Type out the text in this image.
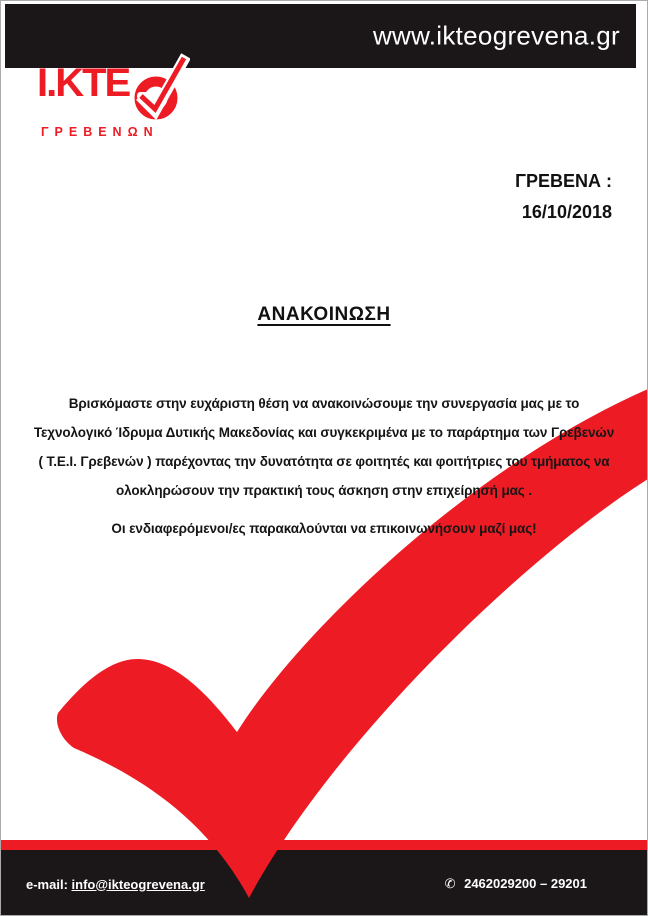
www.ikteogrevena.gr
Ι.ΚΤΕ
ΓΡΕΒΕΝΩΝ
ΓΡΕΒΕΝΑ :
16/10/2018
ΑΝΑΚΟΙΝΩΣΗ
Βρισκόμαστε στην ευχάριστη θέση να ανακοινώσουμε την συνεργασία μας με το
Τεχνολογικό Ίδρυμα Δυτικής Μακεδονίας και συγκεκριμένα με το παράρτημα των Γρεβενών
( Τ.Ε.Ι. Γρεβενών ) παρέχοντας την δυνατότητα σε φοιτητές και φοιτήτριες του τμήματος να
ολοκληρώσουν την πρακτική τους άσκηση στην επιχείρησή μας .
Οι ενδιαφερόμενοι/ες παρακαλούνται να επικοινωνήσουν μαζί μας!
e-mail: info@ikteogrevena.gr	✆ 2462029200 – 29201
